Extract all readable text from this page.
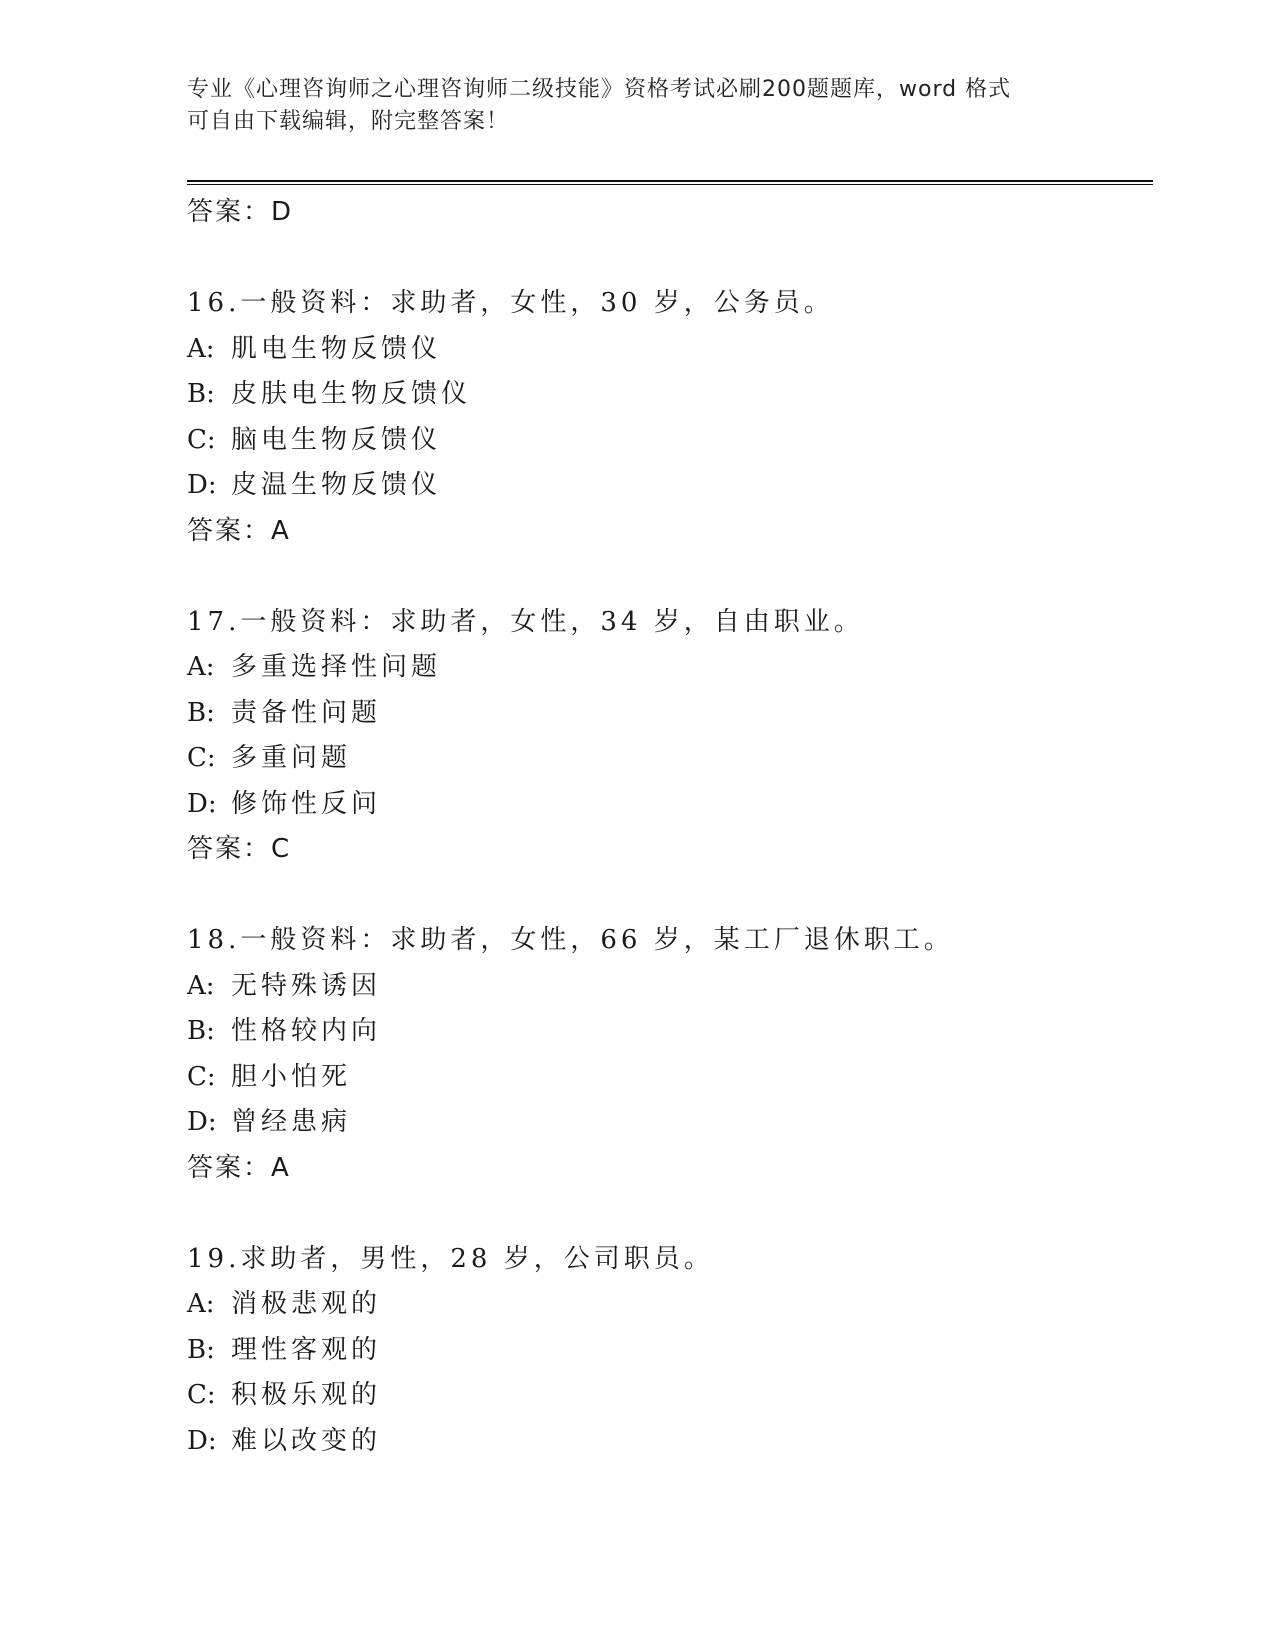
专业《心理咨询师之心理咨询师二级技能》资格考试必刷200题题库，word 格式
可自由下载编辑，附完整答案！
答案：D
16.一般资料：求助者，女性，30 岁，公务员。
A: 肌电生物反馈仪
B: 皮肤电生物反馈仪
C: 脑电生物反馈仪
D: 皮温生物反馈仪
答案：A
17.一般资料：求助者，女性，34 岁，自由职业。
A: 多重选择性问题
B: 责备性问题
C: 多重问题
D: 修饰性反问
答案：C
18.一般资料：求助者，女性，66 岁，某工厂退休职工。
A: 无特殊诱因
B: 性格较内向
C: 胆小怕死
D: 曾经患病
答案：A
19.求助者，男性，28 岁，公司职员。
A: 消极悲观的
B: 理性客观的
C: 积极乐观的
D: 难以改变的
